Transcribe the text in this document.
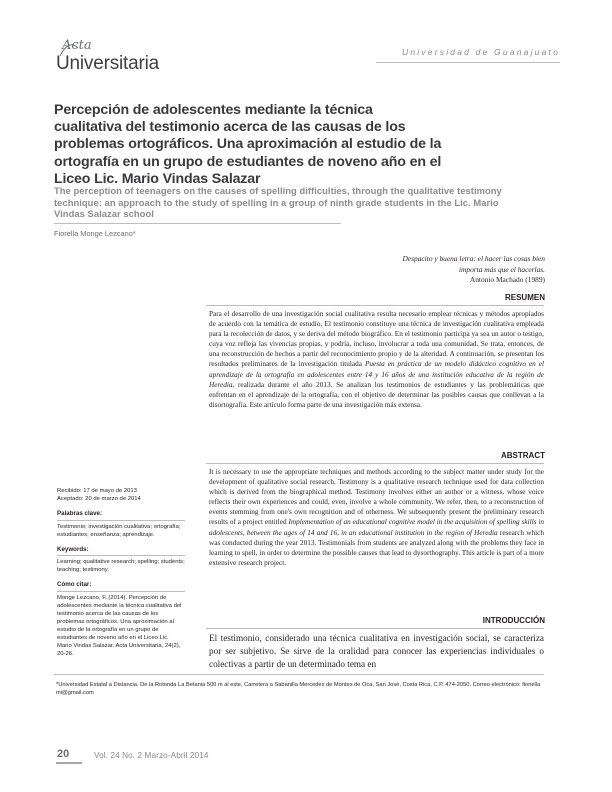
Acta
Universitaria
Universidad de Guanajuato
Percepción de adolescentes mediante la técnica cualitativa del testimonio acerca de las causas de los problemas ortográficos. Una aproximación al estudio de la ortografía en un grupo de estudiantes de noveno año en el Liceo Lic. Mario Vindas Salazar
The perception of teenagers on the causes of spelling difficulties, through the qualitative testimony technique: an approach to the study of spelling in a group of ninth grade students in the Lic. Mario Vindas Salazar school
Fiorella Monge Lezcano*
Despacito y buena letra: el hacer las cosas bien
importa más que el hacerlas.
Antonio Machado (1989)
RESUMEN
Para el desarrollo de una investigación social cualitativa resulta necesario emplear técnicas y métodos apropiados de acuerdo con la temática de estudio. El testimonio constituye una técnica de investigación cualitativa empleada para la recolección de datos, y se deriva del método biográfico. En el testimonio participa ya sea un autor o testigo, cuya voz refleja las vivencias propias, y podría, incluso, involucrar a toda una comunidad. Se trata, entonces, de una reconstrucción de hechos a partir del reconocimiento propio y de la alteridad. A continuación, se presentan los resultados preliminares de la investigación titulada Puesta en práctica de un modelo didáctico cognitivo en el aprendizaje de la ortografía en adolescentes entre 14 y 16 años de una institución educativa de la región de Heredia, realizada durante el año 2013. Se analizan los testimonios de estudiantes y las problemáticas que enfrentan en el aprendizaje de la ortografía, con el objetivo de determinar las posibles causas que conllevan a la disortografía. Este artículo forma parte de una investigación más extensa.
ABSTRACT
It is necessary to use the appropriate techniques and methods according to the subject matter under study for the development of qualitative social research. Testimony is a qualitative research technique used for data collection which is derived from the biographical method. Testimony involves either an author or a witness, whose voice reflects their own experiences and could, even, involve a whole community. We refer, then, to a reconstruction of events stemming from one's own recognition and of otherness. We subsequently present the preliminary research results of a project entitled Implementation of an educational cognitive model in the acquisition of spelling skills in adolescents, between the ages of 14 and 16, in an educational institution in the region of Heredia research which was conducted during the year 2013. Testimonials from students are analyzed along with the problems they face in learning to spell, in order to determine the possible causes that lead to dysorthography. This article is part of a more extensive research project.
INTRODUCCIÓN
El testimonio, considerado una técnica cualitativa en investigación social, se caracteriza por ser subjetivo. Se sirve de la oralidad para conocer las experiencias individuales o colectivas a partir de un determinado tema en
Recibido: 17 de mayo de 2013
Aceptado: 20 de marzo de 2014
Palabras clave:
Testimonio; investigación cualitativa; ortografía; estudiantes; enseñanza; aprendizaje.
Keywords:
Learning; qualitative research; spelling; students; teaching; testimony.
Cómo citar:
Monge Lezcano, F. (2014). Percepción de adolescentes mediante la técnica cualitativa del testimonio acerca de las causas de los problemas ortográficos. Una aproximación al estudio de la ortografía en un grupo de estudiantes de noveno año en el Liceo Lic. Mario Vindas Salazar. Acta Universitaria, 24(2), 20-26.
*Universidad Estatal a Distancia. De la Rotonda La Betania 500 m al este, Carretera a Sabanilla Mercedes de Montes de Oca, San José, Costa Rica, C.P. 474-2050. Correo electrónico: fionella mi@gmail.com
20	Vol. 24 No. 2 Marzo-Abril 2014
